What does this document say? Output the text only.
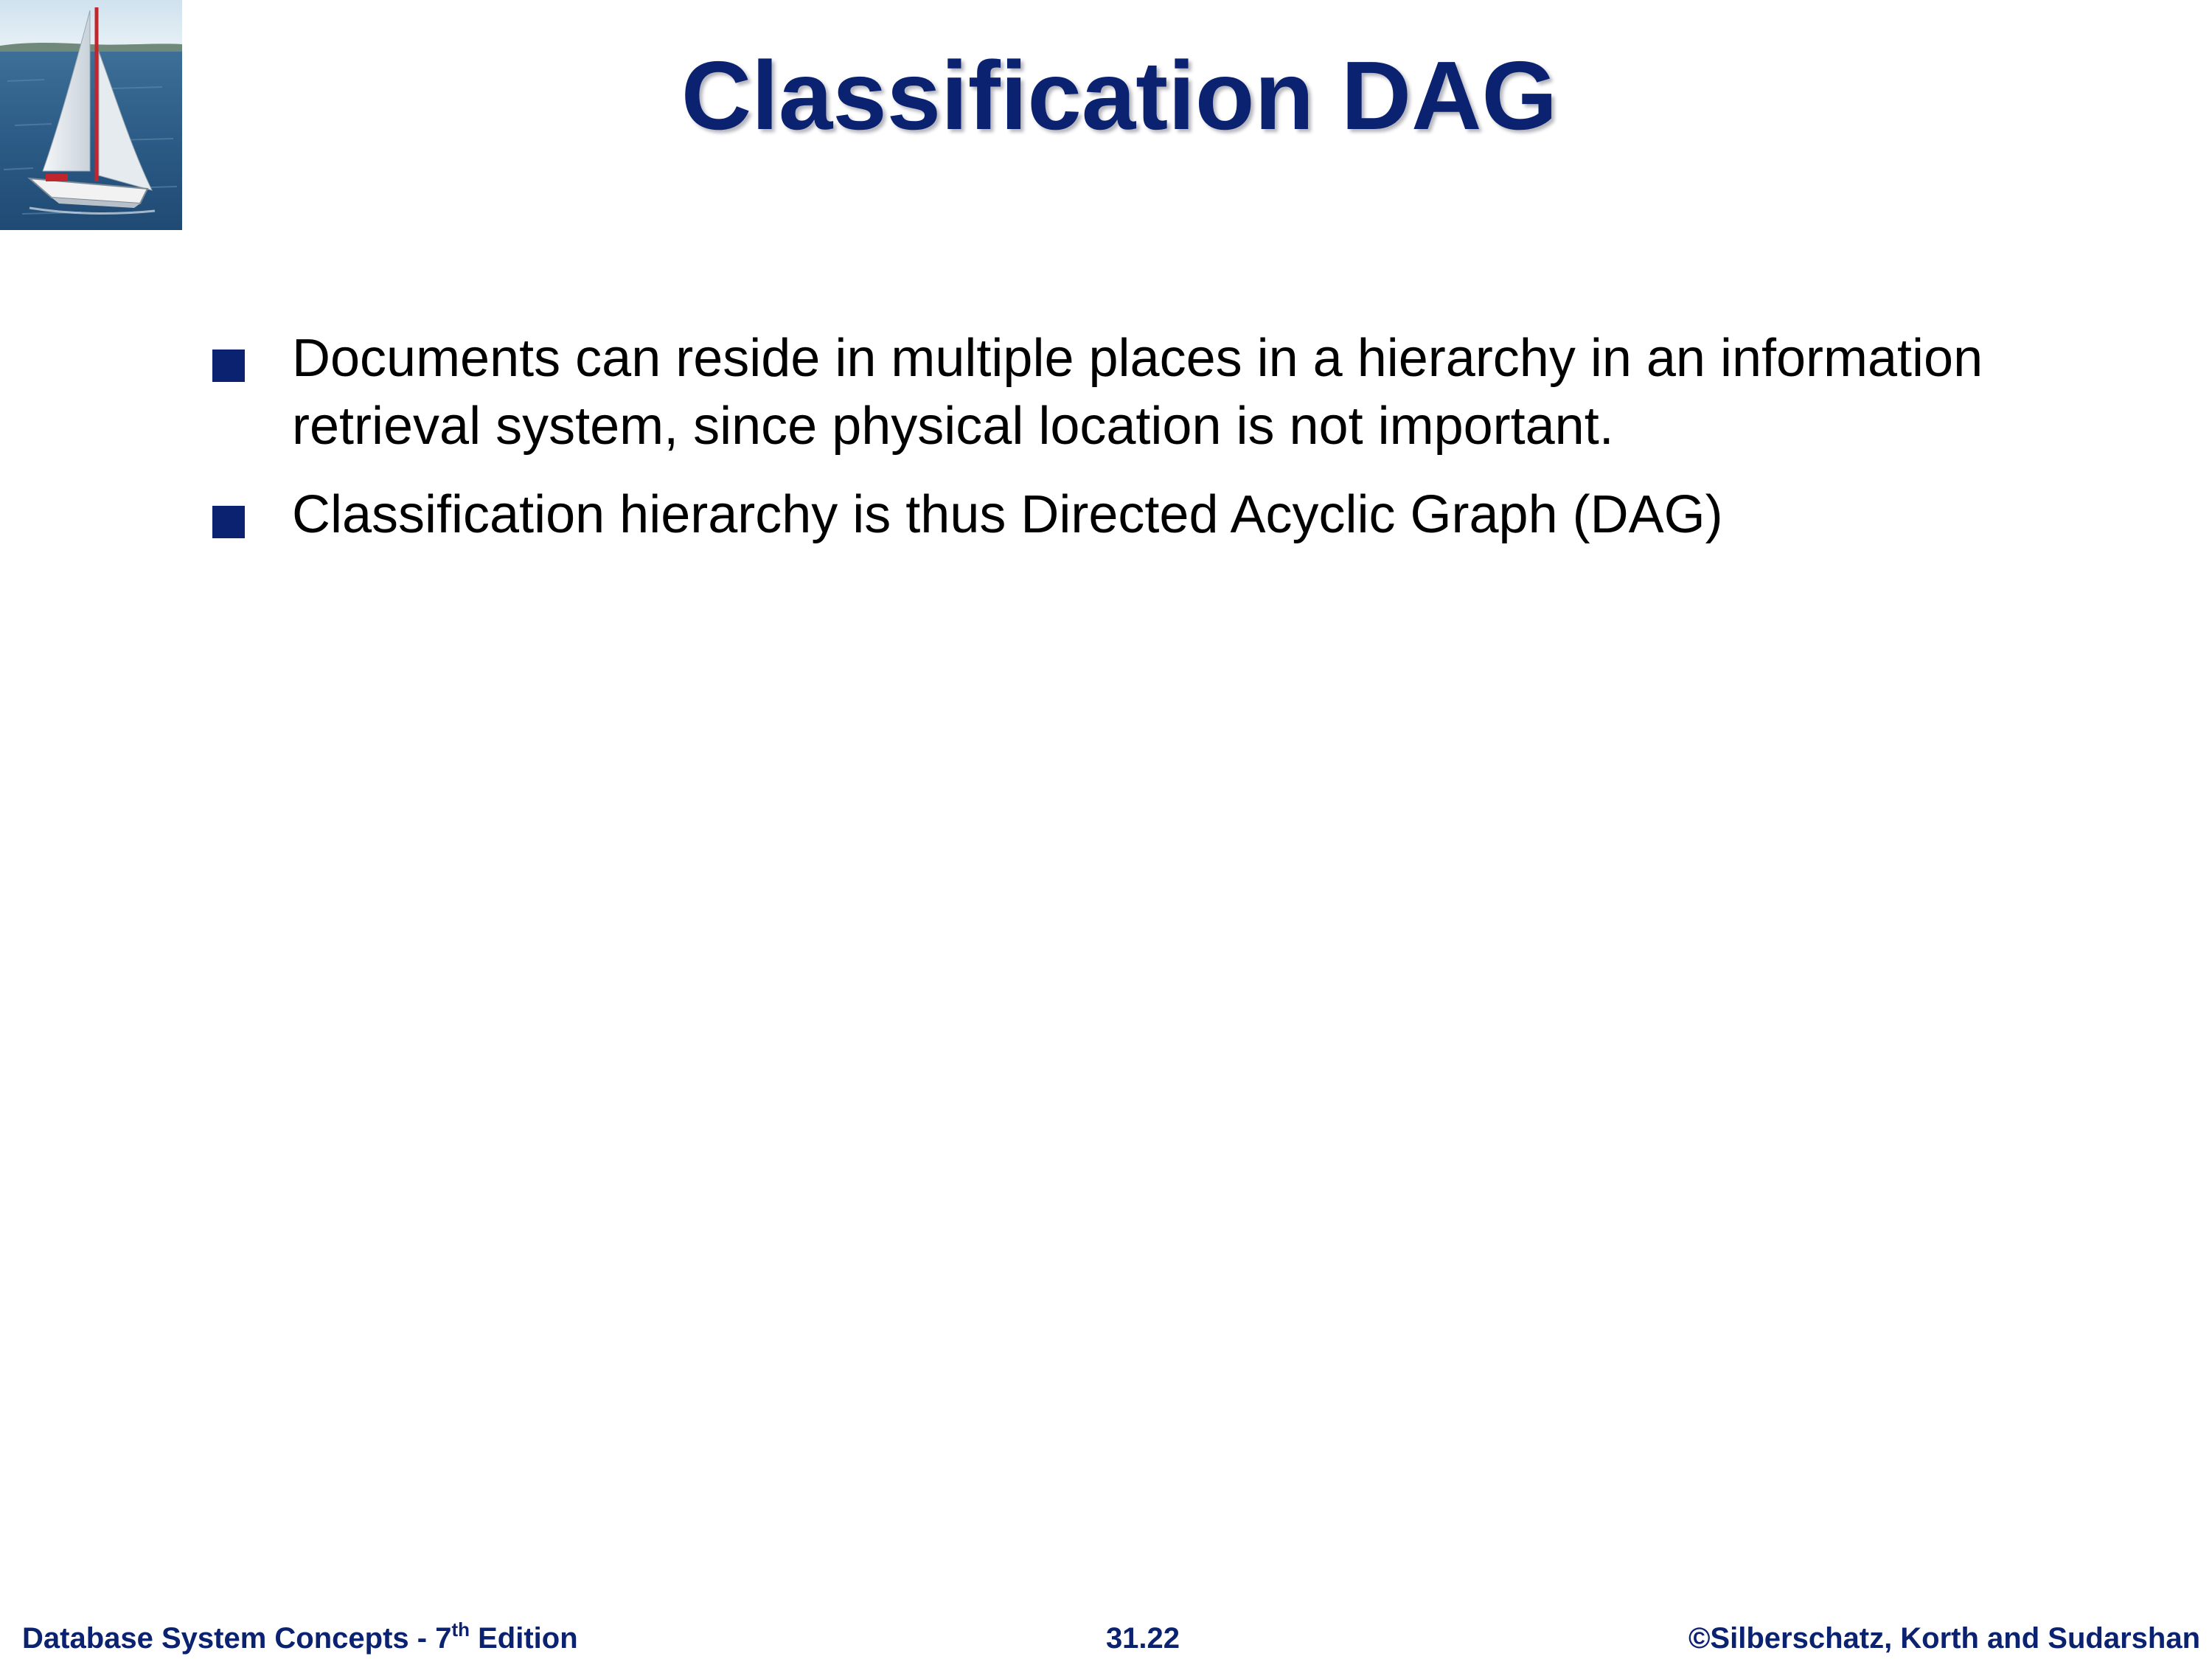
Classification DAG
Documents can reside in multiple places in a hierarchy in an information retrieval system, since physical location is not important.
Classification hierarchy is thus Directed Acyclic Graph (DAG)
Database System Concepts - 7th Edition	31.22	©Silberschatz, Korth and Sudarshan
